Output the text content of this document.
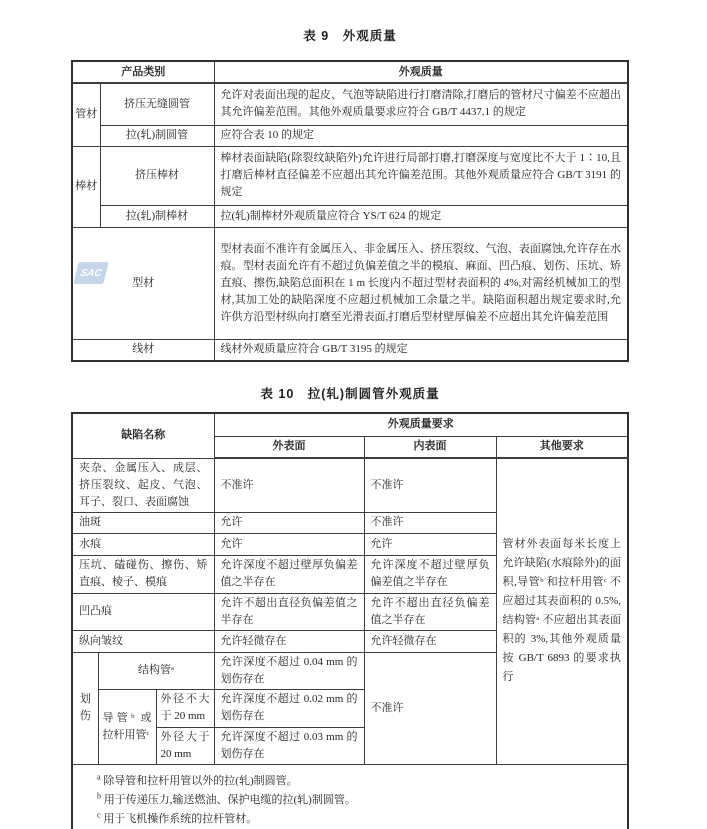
SAC
表 9　外观质量
产品类别		外观质量
管材	挤压无缝圆管	允许对表面出现的起皮、气泡等缺陷进行打磨清除,打磨后的管材尺寸偏差不应超出其允许偏差范围。其他外观质量要求应符合 GB/T 4437.1 的规定
	拉(轧)制圆管	应符合表 10 的规定
棒材	挤压棒材	棒材表面缺陷(除裂纹缺陷外)允许进行局部打磨,打磨深度与宽度比不大于 1∶10,且打磨后棒材直径偏差不应超出其允许偏差范围。其他外观质量应符合 GB/T 3191 的规定
	拉(轧)制棒材	拉(轧)制棒材外观质量应符合 YS/T 624 的规定
型材		型材表面不准许有金属压入、非金属压入、挤压裂纹、气泡、表面腐蚀,允许存在水痕。型材表面允许有不超过负偏差值之半的模痕、麻面、凹凸痕、划伤、压坑、矫直痕、擦伤,缺陷总面积在 1 m 长度内不超过型材表面积的 4%,对需经机械加工的型材,其加工处的缺陷深度不应超过机械加工余量之半。缺陷面积超出规定要求时,允许供方沿型材纵向打磨至光滑表面,打磨后型材壁厚偏差不应超出其允许偏差范围
线材		线材外观质量应符合 GB/T 3195 的规定
表 10　拉(轧)制圆管外观质量
缺陷名称			外观质量要求		
			外表面	内表面	其他要求
夹杂、金属压入、成层、挤压裂纹、起皮、气泡、耳子、裂口、表面腐蚀			不准许	不准许	管材外表面每米长度上允许缺陷(水痕除外)的面积,导管ᵇ 和拉杆用管ᶜ 不应超过其表面积的 0.5%,结构管ᵃ 不应超出其表面积的 3%,其他外观质量按 GB/T 6893 的要求执行
油斑			允许	不准许	
水痕			允许	允许	
压坑、磕碰伤、擦伤、矫直痕、棱子、模痕			允许深度不超过壁厚负偏差值之半存在	允许深度不超过壁厚负偏差值之半存在	
凹凸痕			允许不超出直径负偏差值之半存在	允许不超出直径负偏差值之半存在	
纵向皱纹			允许轻微存在	允许轻微存在	
划伤	结构管ᵃ		允许深度不超过 0.04 mm 的划伤存在	不准许	
	导管ᵇ 或拉杆用管ᶜ	外径不大于 20 mm	允许深度不超过 0.02 mm 的划伤存在		
		外径大于 20 mm	允许深度不超过 0.03 mm 的划伤存在		

$^a$ 除导管和拉杆用管以外的拉(轧)制圆管。
$^b$ 用于传递压力,输送燃油、保护电缆的拉(轧)制圆管。
$^c$ 用于飞机操作系统的拉杆管材。					
